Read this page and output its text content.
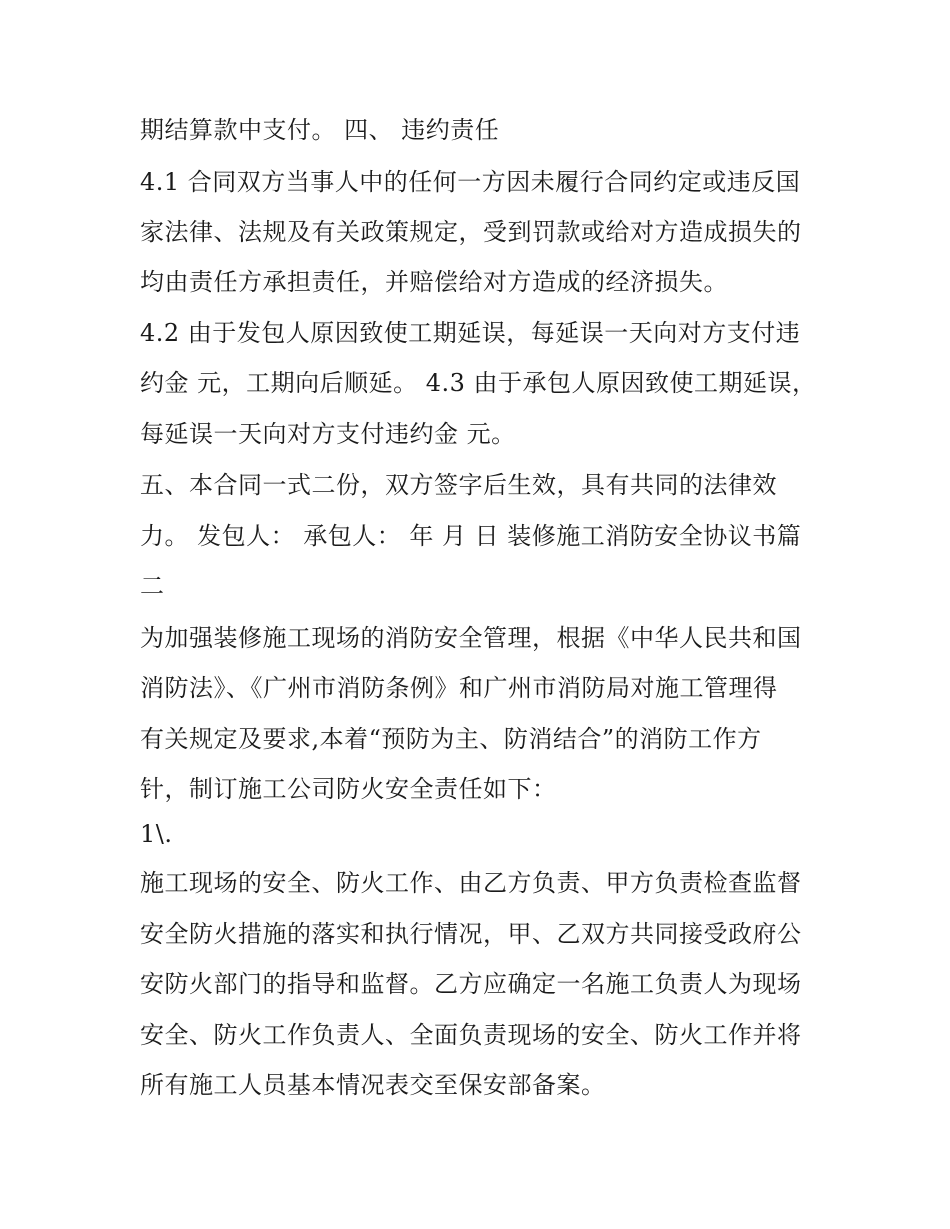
期结算款中支付。 四、 违约责任
4.1 合同双方当事人中的任何一方因未履行合同约定或违反国
家法律、法规及有关政策规定，受到罚款或给对方造成损失的
均由责任方承担责任，并赔偿给对方造成的经济损失。
4.2 由于发包人原因致使工期延误，每延误一天向对方支付违
约金 元，工期向后顺延。 4.3 由于承包人原因致使工期延误，
每延误一天向对方支付违约金 元。
五、本合同一式二份，双方签字后生效，具有共同的法律效
力。 发包人： 承包人： 年 月 日 装修施工消防安全协议书篇
二
为加强装修施工现场的消防安全管理，根据《中华人民共和国
消防法》、《广州市消防条例》和广州市消防局对施工管理得
有关规定及要求,本着“预防为主、防消结合”的消防工作方
针，制订施工公司防火安全责任如下：
1\.
施工现场的安全、防火工作、由乙方负责、甲方负责检查监督
安全防火措施的落实和执行情况，甲、乙双方共同接受政府公
安防火部门的指导和监督。乙方应确定一名施工负责人为现场
安全、防火工作负责人、全面负责现场的安全、防火工作并将
所有施工人员基本情况表交至保安部备案。
